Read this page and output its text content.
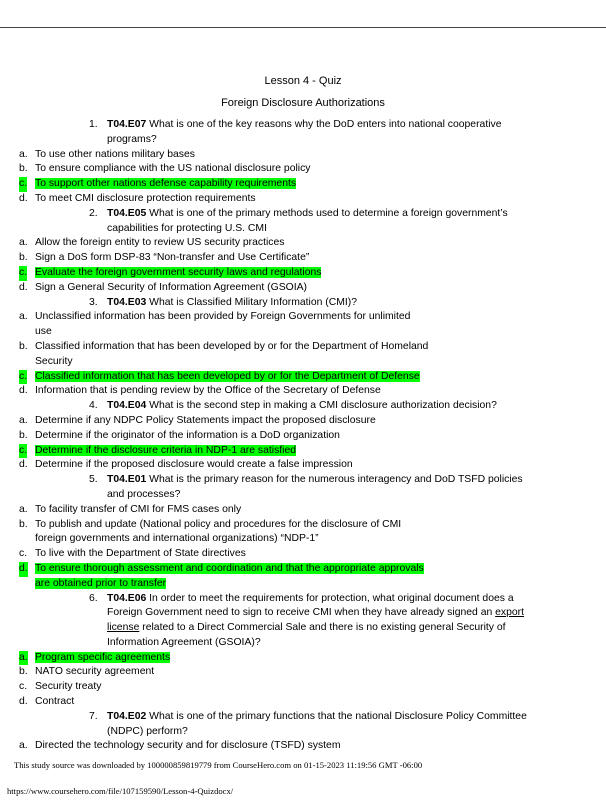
Lesson 4 - Quiz
Foreign Disclosure Authorizations
1. T04.E07 What is one of the key reasons why the DoD enters into national cooperative programs?
a. To use other nations military bases
b. To ensure compliance with the US national disclosure policy
c. To support other nations defense capability requirements
d. To meet CMI disclosure protection requirements
2. T04.E05 What is one of the primary methods used to determine a foreign government’s capabilities for protecting U.S. CMI
a. Allow the foreign entity to review US security practices
b. Sign a DoS form DSP-83 “Non-transfer and Use Certificate”
c. Evaluate the foreign government security laws and regulations
d. Sign a General Security of Information Agreement (GSOIA)
3. T04.E03 What is Classified Military Information (CMI)?
a. Unclassified information has been provided by Foreign Governments for unlimited use
b. Classified information that has been developed by or for the Department of Homeland Security
c. Classified information that has been developed by or for the Department of Defense
d. Information that is pending review by the Office of the Secretary of Defense
4. T04.E04 What is the second step in making a CMI disclosure authorization decision?
a. Determine if any NDPC Policy Statements impact the proposed disclosure
b. Determine if the originator of the information is a DoD organization
c. Determine if the disclosure criteria in NDP-1 are satisfied
d. Determine if the proposed disclosure would create a false impression
5. T04.E01 What is the primary reason for the numerous interagency and DoD TSFD policies and processes?
a. To facility transfer of CMI for FMS cases only
b. To publish and update (National policy and procedures for the disclosure of CMI foreign governments and international organizations) “NDP-1”
c. To live with the Department of State directives
d. To ensure thorough assessment and coordination and that the appropriate approvals are obtained prior to transfer
6. T04.E06 In order to meet the requirements for protection, what original document does a Foreign Government need to sign to receive CMI when they have already signed an export license related to a Direct Commercial Sale and there is no existing general Security of Information Agreement (GSOIA)?
a. Program specific agreements
b. NATO security agreement
c. Security treaty
d. Contract
7. T04.E02 What is one of the primary functions that the national Disclosure Policy Committee (NDPC) perform?
a. Directed the technology security and for disclosure (TSFD) system
This study source was downloaded by 100000859819779 from CourseHero.com on 01-15-2023 11:19:56 GMT -06:00
https://www.coursehero.com/file/107159590/Lesson-4-Quizdocx/
